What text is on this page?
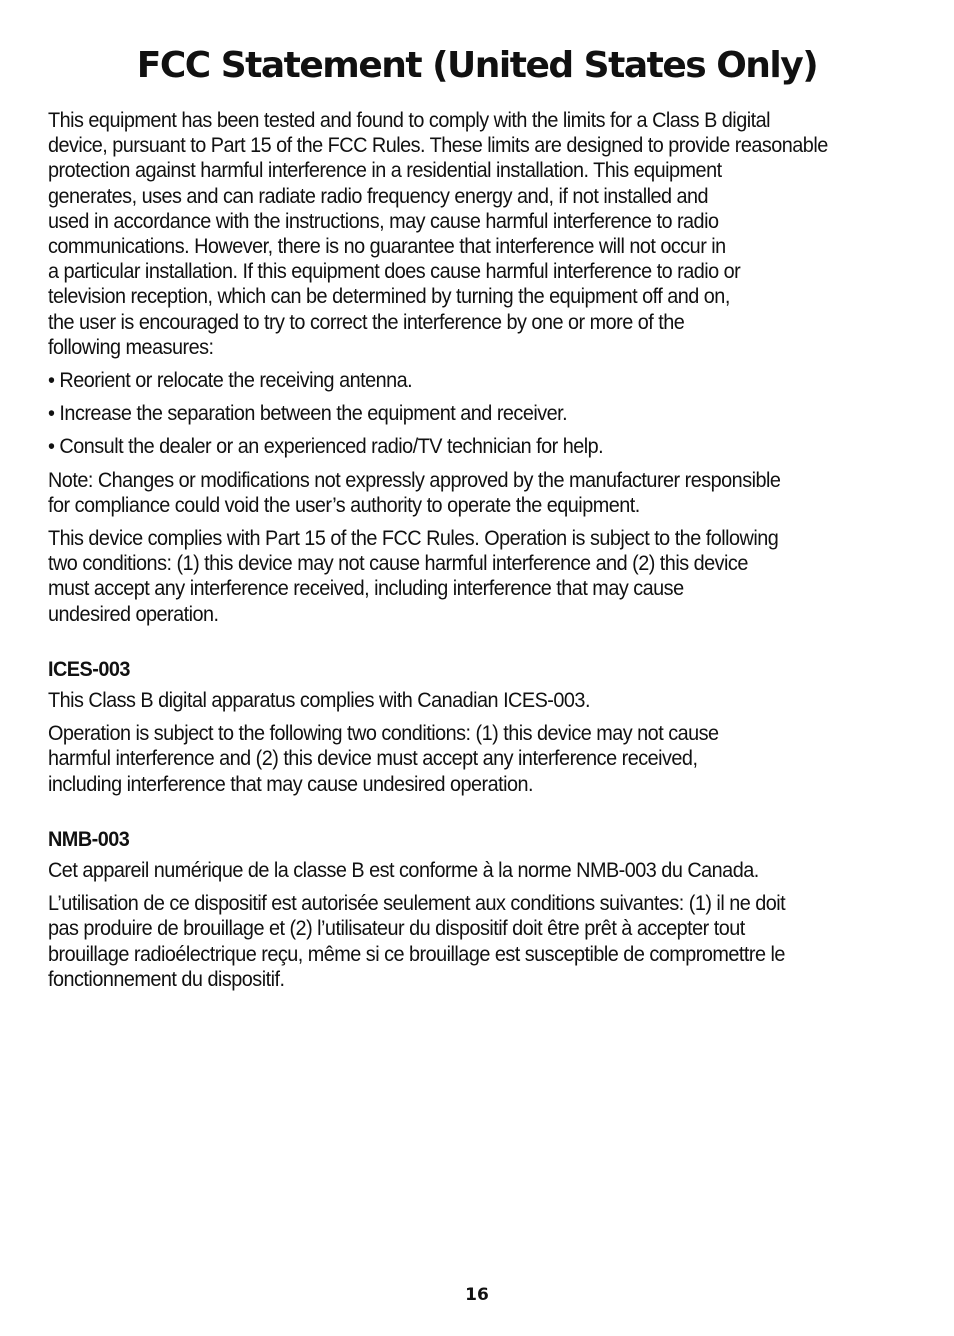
FCC Statement (United States Only)

This equipment has been tested and found to comply with the limits for a Class B digital
device, pursuant to Part 15 of the FCC Rules. These limits are designed to provide reasonable
protection against harmful interference in a residential installation. This equipment
generates, uses and can radiate radio frequency energy and, if not installed and
used in accordance with the instructions, may cause harmful interference to radio
communications. However, there is no guarantee that interference will not occur in
a particular installation. If this equipment does cause harmful interference to radio or
television reception, which can be determined by turning the equipment off and on,
the user is encouraged to try to correct the interference by one or more of the
following measures:

• Reorient or relocate the receiving antenna.
• Increase the separation between the equipment and receiver.
• Consult the dealer or an experienced radio/TV technician for help.

Note: Changes or modifications not expressly approved by the manufacturer responsible
for compliance could void the user’s authority to operate the equipment.

This device complies with Part 15 of the FCC Rules. Operation is subject to the following
two conditions: (1) this device may not cause harmful interference and (2) this device
must accept any interference received, including interference that may cause
undesired operation.

ICES-003

This Class B digital apparatus complies with Canadian ICES-003.

Operation is subject to the following two conditions: (1) this device may not cause
harmful interference and (2) this device must accept any interference received,
including interference that may cause undesired operation.

NMB-003

Cet appareil numérique de la classe B est conforme à la norme NMB-003 du Canada.

L’utilisation de ce dispositif est autorisée seulement aux conditions suivantes: (1) il ne doit
pas produire de brouillage et (2) l’utilisateur du dispositif doit être prêt à accepter tout
brouillage radioélectrique reçu, même si ce brouillage est susceptible de compromettre le
fonctionnement du dispositif.

16
